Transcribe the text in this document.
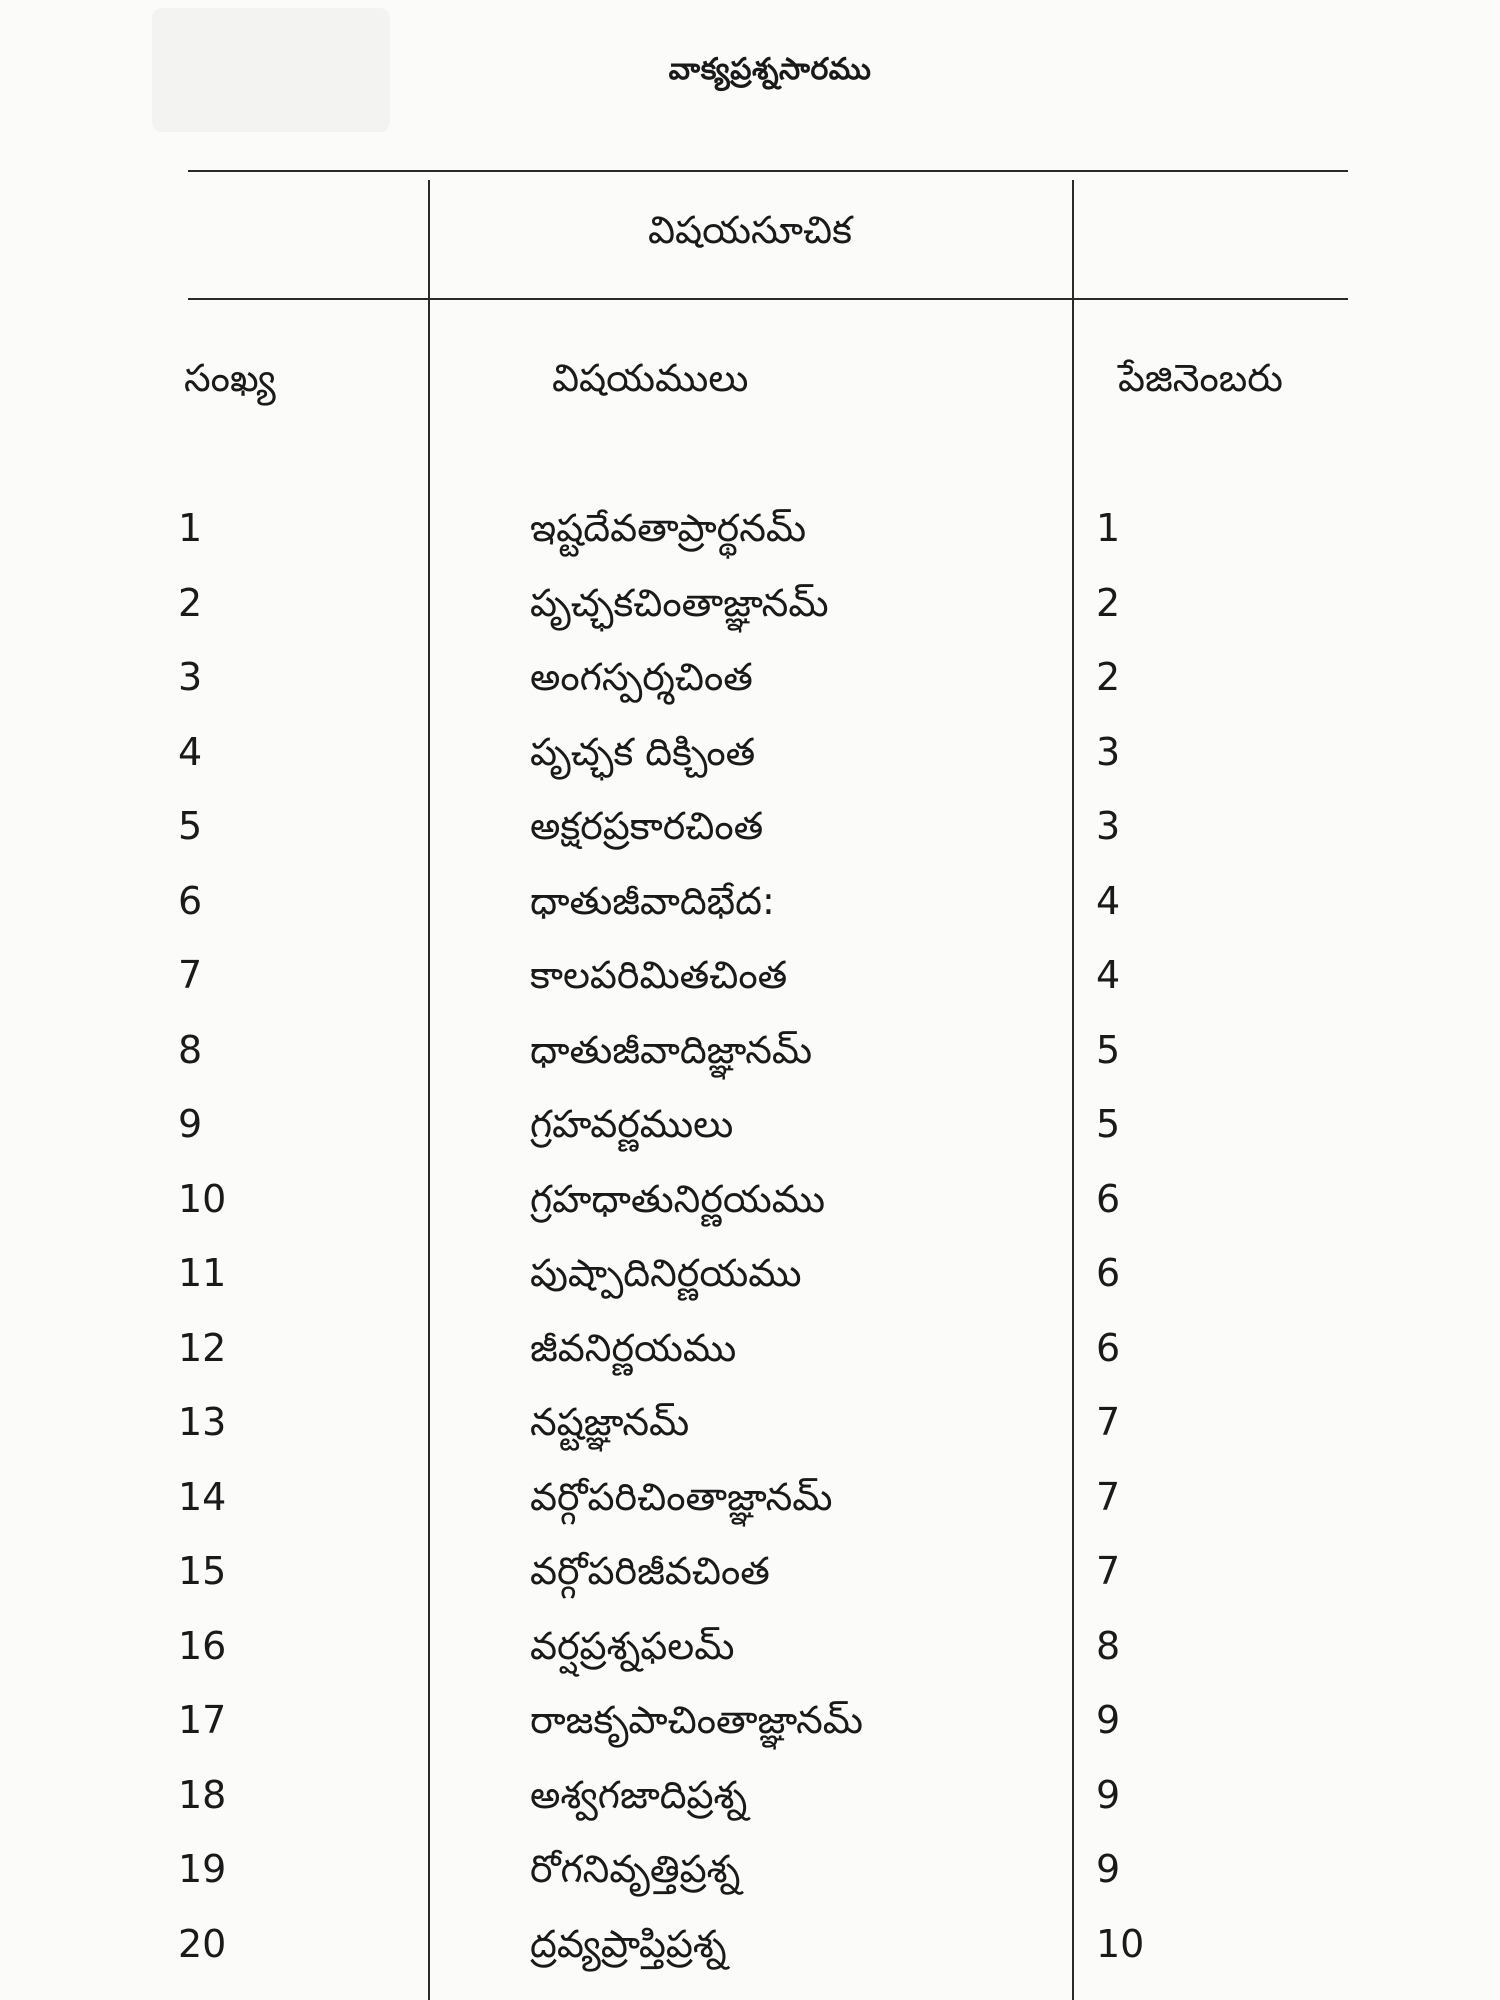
వాక్యప్రశ్నసారము
విషయసూచిక
సంఖ్య	విషయములు	పేజినెంబరు
1	ఇష్టదేవతాప్రార్థనమ్	1
2	పృచ్ఛకచింతాజ్ఞానమ్	2
3	అంగస్పర్శచింత	2
4	పృచ్ఛక దిక్చింత	3
5	అక్షరప్రకారచింత	3
6	ధాతుజీవాదిభేద:	4
7	కాలపరిమితచింత	4
8	ధాతుజీవాదిజ్ఞానమ్	5
9	గ్రహవర్ణములు	5
10	గ్రహధాతునిర్ణయము	6
11	పుష్పాదినిర్ణయము	6
12	జీవనిర్ణయము	6
13	నష్టజ్ఞానమ్	7
14	వర్గోపరిచింతాజ్ఞానమ్	7
15	వర్గోపరిజీవచింత	7
16	వర్షప్రశ్నఫలమ్	8
17	రాజకృపాచింతాజ్ఞానమ్	9
18	అశ్వగజాదిప్రశ్న	9
19	రోగనివృత్తిప్రశ్న	9
20	ద్రవ్యప్రాప్తిప్రశ్న	10
